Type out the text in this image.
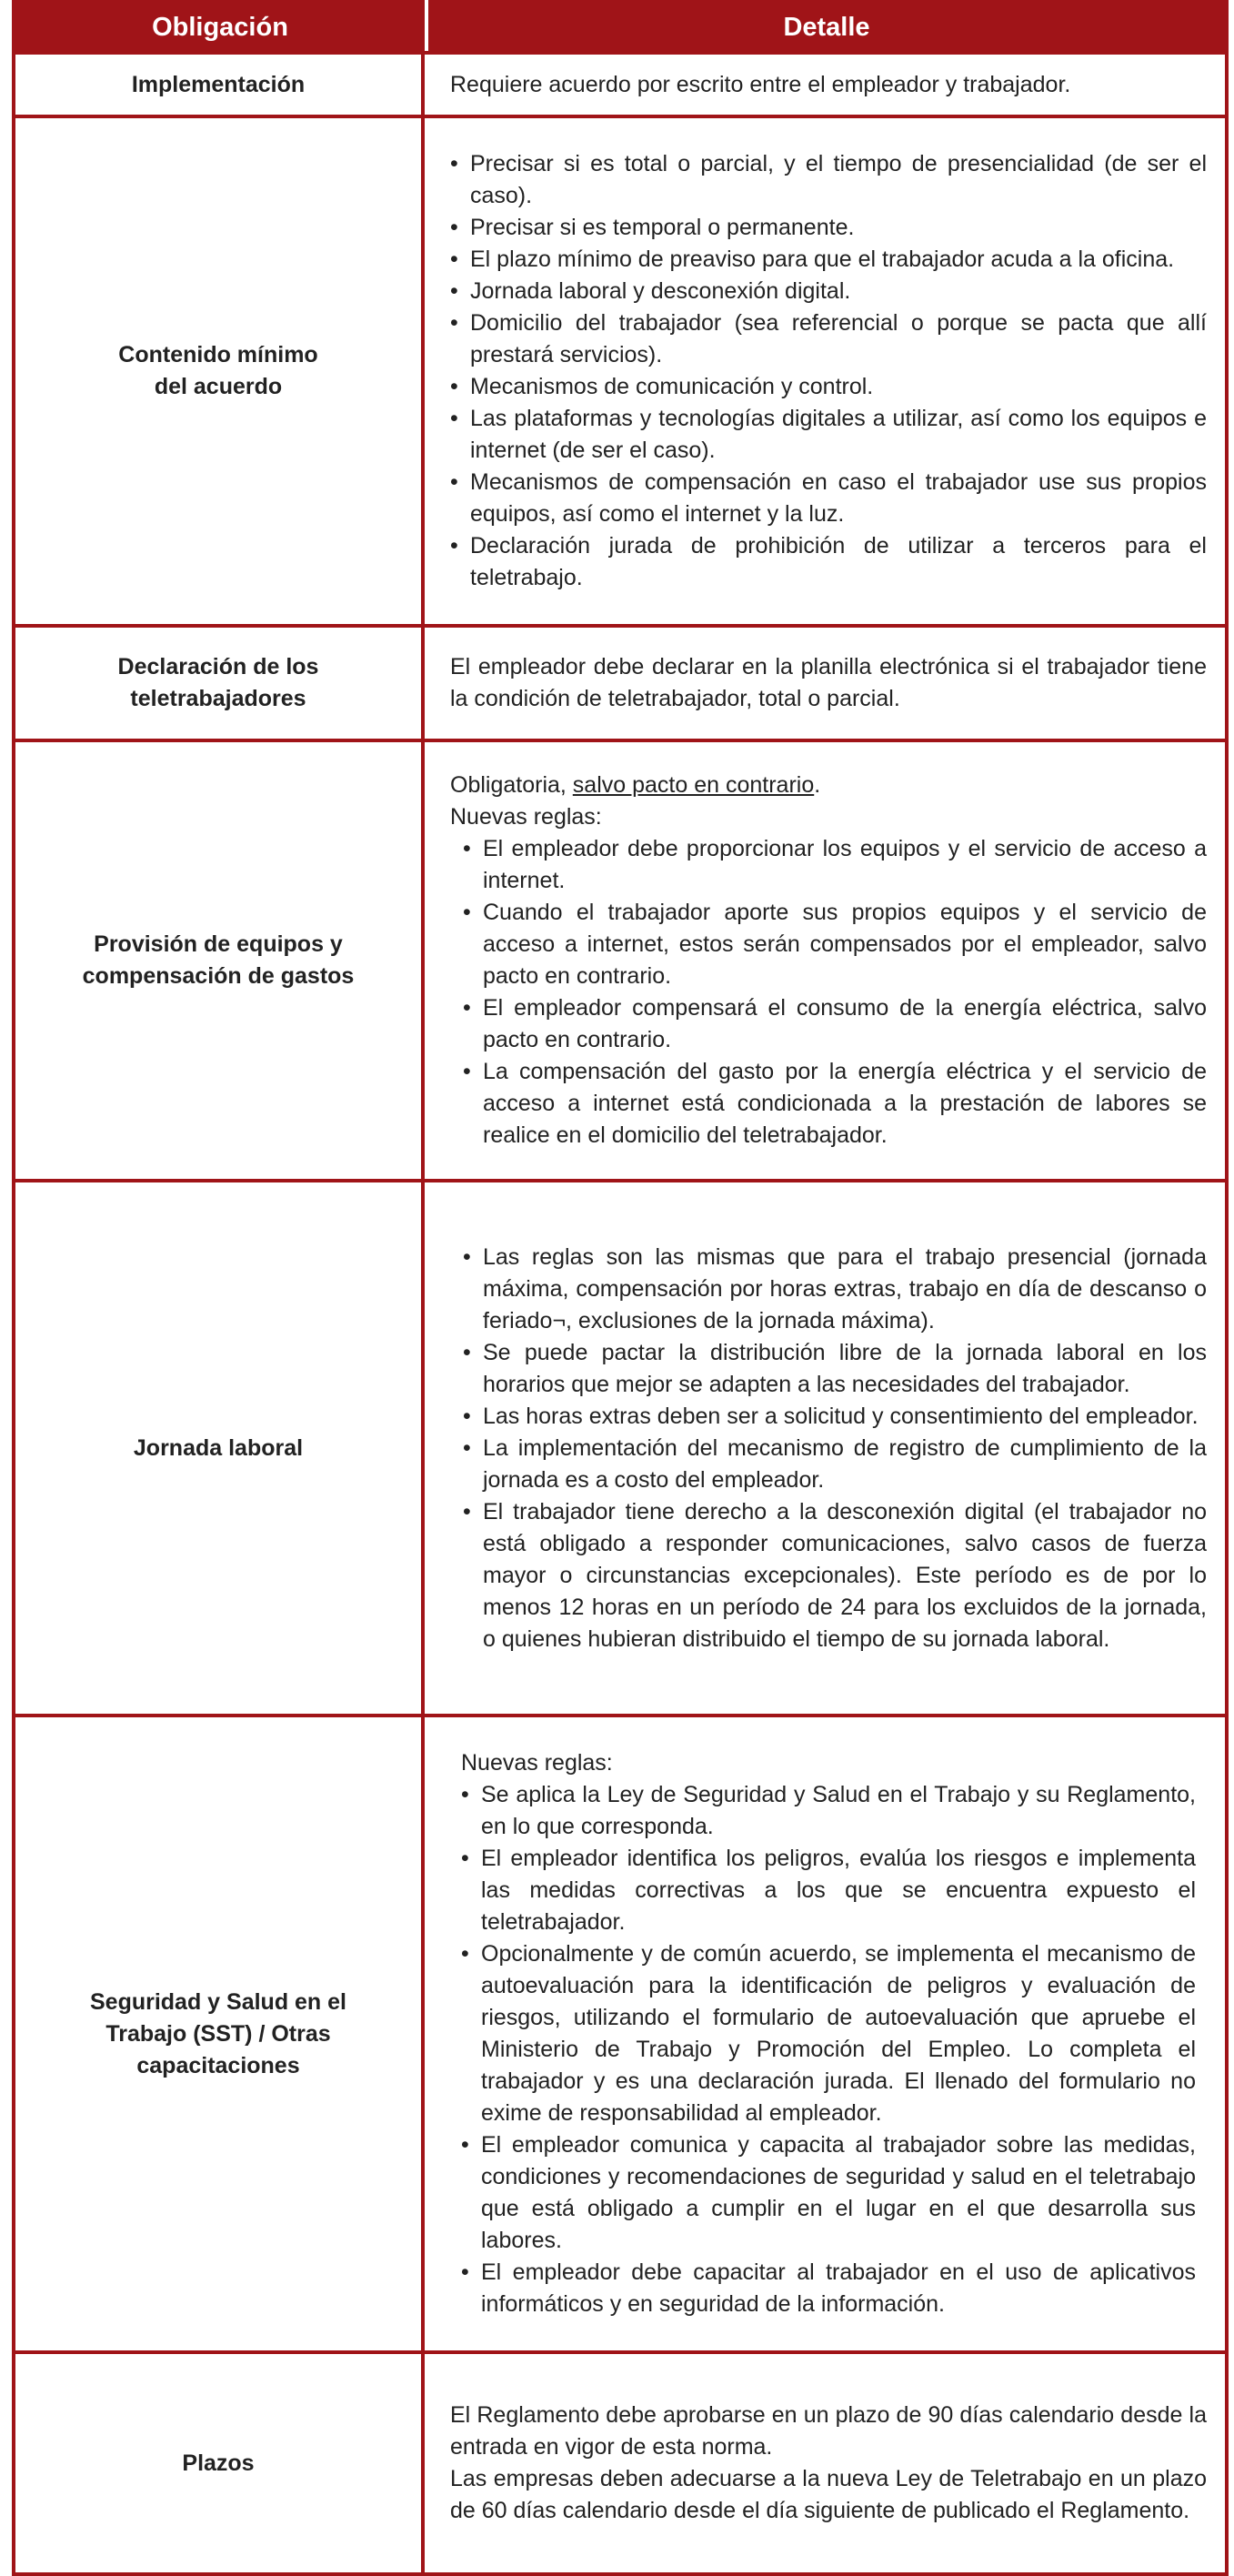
Obligación	Detalle
Implementación	Requiere acuerdo por escrito entre el empleador y trabajador.

Contenido mínimo del acuerdo
• Precisar si es total o parcial, y el tiempo de presencialidad (de ser el caso).
• Precisar si es temporal o permanente.
• El plazo mínimo de preaviso para que el trabajador acuda a la oficina.
• Jornada laboral y desconexión digital.
• Domicilio del trabajador (sea referencial o porque se pacta que allí prestará servicios).
• Mecanismos de comunicación y control.
• Las plataformas y tecnologías digitales a utilizar, así como los equipos e internet (de ser el caso).
• Mecanismos de compensación en caso el trabajador use sus propios equipos, así como el internet y la luz.
• Declaración jurada de prohibición de utilizar a terceros para el teletrabajo.
Declaración de los teletrabajadores

El empleador debe declarar en la planilla electrónica si el trabajador tiene la condición de teletrabajador, total o parcial.

Provisión de equipos y compensación de gastos

Obligatoria, salvo pacto en contrario.

Nuevas reglas:

• El empleador debe proporcionar los equipos y el servicio de acceso a internet.
• Cuando el trabajador aporte sus propios equipos y el servicio de acceso a internet, estos serán compensados por el empleador, salvo pacto en contrario.
• El empleador compensará el consumo de la energía eléctrica, salvo pacto en contrario.
• La compensación del gasto por la energía eléctrica y el servicio de acceso a internet está condicionada a la prestación de labores se realice en el domicilio del teletrabajador.
Jornada laboral
• Las reglas son las mismas que para el trabajo presencial (jornada máxima, compensación por horas extras, trabajo en día de descanso o feriado¬, exclusiones de la jornada máxima).
• Se puede pactar la distribución libre de la jornada laboral en los horarios que mejor se adapten a las necesidades del trabajador.
• Las horas extras deben ser a solicitud y consentimiento del empleador.
• La implementación del mecanismo de registro de cumplimiento de la jornada es a costo del empleador.
• El trabajador tiene derecho a la desconexión digital (el trabajador no está obligado a responder comunicaciones, salvo casos de fuerza mayor o circunstancias excepcionales). Este período es de por lo menos 12 horas en un período de 24 para los excluidos de la jornada, o quienes hubieran distribuido el tiempo de su jornada laboral.
Seguridad y Salud en el Trabajo (SST) / Otras capacitaciones

Nuevas reglas:

• Se aplica la Ley de Seguridad y Salud en el Trabajo y su Reglamento, en lo que corresponda.
• El empleador identifica los peligros, evalúa los riesgos e implementa las medidas correctivas a los que se encuentra expuesto el teletrabajador.
• Opcionalmente y de común acuerdo, se implementa el mecanismo de autoevaluación para la identificación de peligros y evaluación de riesgos, utilizando el formulario de autoevaluación que apruebe el Ministerio de Trabajo y Promoción del Empleo. Lo completa el trabajador y es una declaración jurada. El llenado del formulario no exime de responsabilidad al empleador.
• El empleador comunica y capacita al trabajador sobre las medidas, condiciones y recomendaciones de seguridad y salud en el teletrabajo que está obligado a cumplir en el lugar en el que desarrolla sus labores.
• El empleador debe capacitar al trabajador en el uso de aplicativos informáticos y en seguridad de la información.
Plazos

El Reglamento debe aprobarse en un plazo de 90 días calendario desde la entrada en vigor de esta norma.

Las empresas deben adecuarse a la nueva Ley de Teletrabajo en un plazo de 60 días calendario desde el día siguiente de publicado el Reglamento.
